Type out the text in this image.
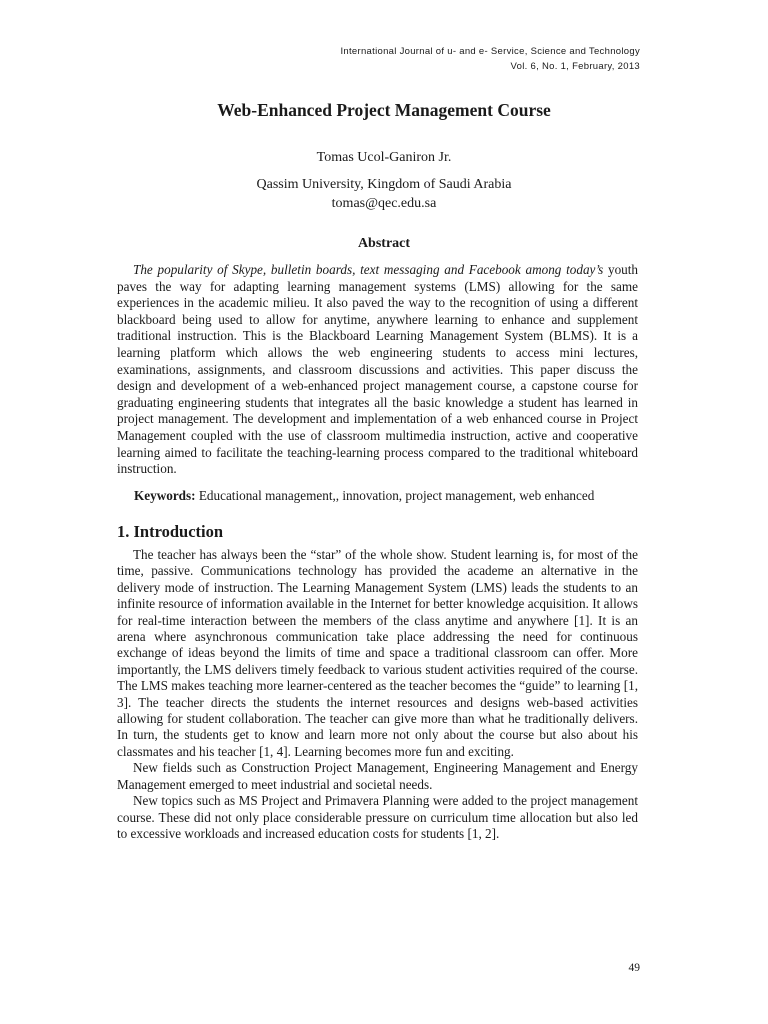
International Journal of u- and e- Service, Science and Technology
Vol. 6, No. 1, February, 2013
Web-Enhanced Project Management Course
Tomas Ucol-Ganiron Jr.
Qassim University, Kingdom of Saudi Arabia
tomas@qec.edu.sa
Abstract

The popularity of Skype, bulletin boards, text messaging and Facebook among today’s youth paves the way for adapting learning management systems (LMS) allowing for the same experiences in the academic milieu. It also paved the way to the recognition of using a different blackboard being used to allow for anytime, anywhere learning to enhance and supplement traditional instruction. This is the Blackboard Learning Management System (BLMS). It is a learning platform which allows the web engineering students to access mini lectures, examinations, assignments, and classroom discussions and activities. This paper discuss the design and development of a web-enhanced project management course, a capstone course for graduating engineering students that integrates all the basic knowledge a student has learned in project management. The development and implementation of a web enhanced course in Project Management coupled with the use of classroom multimedia instruction, active and cooperative learning aimed to facilitate the teaching-learning process compared to the traditional whiteboard instruction.

Keywords: Educational management,, innovation, project management, web enhanced

1. Introduction

The teacher has always been the “star” of the whole show. Student learning is, for most of the time, passive. Communications technology has provided the academe an alternative in the delivery mode of instruction. The Learning Management System (LMS) leads the students to an infinite resource of information available in the Internet for better knowledge acquisition. It allows for real-time interaction between the members of the class anytime and anywhere [1]. It is an arena where asynchronous communication take place addressing the need for continuous exchange of ideas beyond the limits of time and space a traditional classroom can offer. More importantly, the LMS delivers timely feedback to various student activities required of the course. The LMS makes teaching more learner-centered as the teacher becomes the “guide” to learning [1, 3]. The teacher directs the students the internet resources and designs web-based activities allowing for student collaboration. The teacher can give more than what he traditionally delivers. In turn, the students get to know and learn more not only about the course but also about his classmates and his teacher [1, 4]. Learning becomes more fun and exciting.

New fields such as Construction Project Management, Engineering Management and Energy Management emerged to meet industrial and societal needs.

New topics such as MS Project and Primavera Planning were added to the project management course. These did not only place considerable pressure on curriculum time allocation but also led to excessive workloads and increased education costs for students [1, 2].

49
